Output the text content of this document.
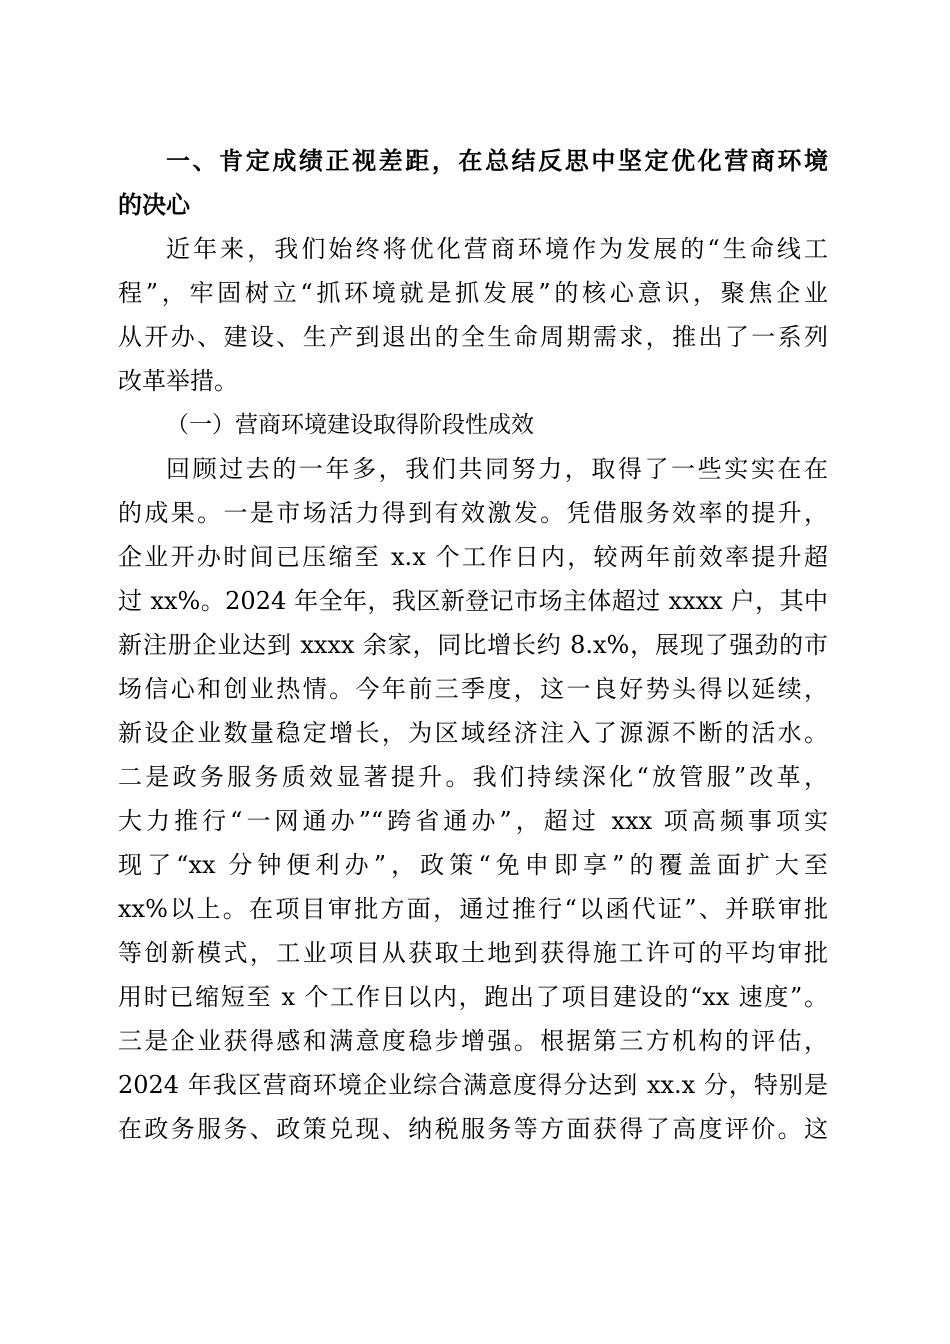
一、肯定成绩正视差距，在总结反思中坚定优化营商环境
的决心
近年来，我们始终将优化营商环境作为发展的“生命线工
程”，牢固树立“抓环境就是抓发展”的核心意识，聚焦企业
从开办、建设、生产到退出的全生命周期需求，推出了一系列
改革举措。
（一）营商环境建设取得阶段性成效
回顾过去的一年多，我们共同努力，取得了一些实实在在
的成果。一是市场活力得到有效激发。凭借服务效率的提升，
企业开办时间已压缩至 x.x 个工作日内，较两年前效率提升超
过 xx%。2024 年全年，我区新登记市场主体超过 xxxx 户，其中
新注册企业达到 xxxx 余家，同比增长约 8.x%，展现了强劲的市
场信心和创业热情。今年前三季度，这一良好势头得以延续，
新设企业数量稳定增长，为区域经济注入了源源不断的活水。
二是政务服务质效显著提升。我们持续深化“放管服”改革，
大力推行“一网通办”“跨省通办”，超过 xxx 项高频事项实
现了“xx 分钟便利办”，政策“免申即享”的覆盖面扩大至
xx%以上。在项目审批方面，通过推行“以函代证”、并联审批
等创新模式，工业项目从获取土地到获得施工许可的平均审批
用时已缩短至 x 个工作日以内，跑出了项目建设的“xx 速度”。
三是企业获得感和满意度稳步增强。根据第三方机构的评估，
2024 年我区营商环境企业综合满意度得分达到 xx.x 分，特别是
在政务服务、政策兑现、纳税服务等方面获得了高度评价。这
